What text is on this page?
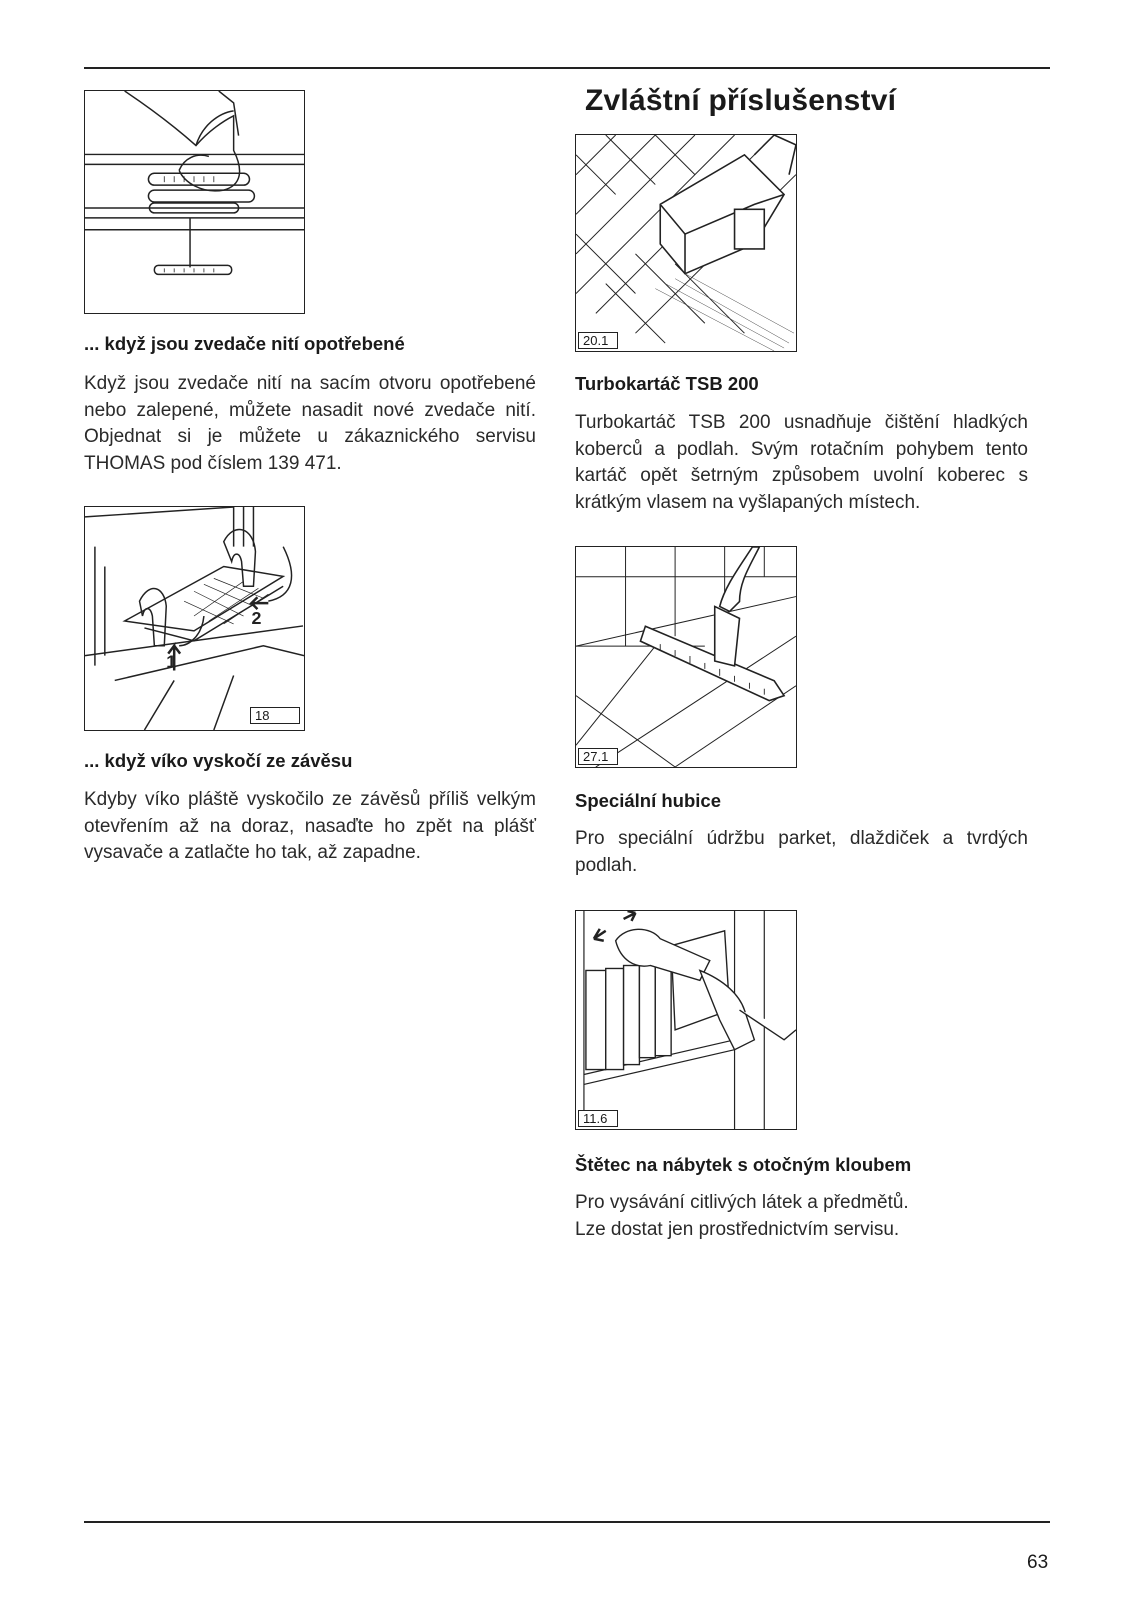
... když jsou zvedače nití opotřebené
Když jsou zvedače nití na sacím otvoru opotřebené nebo zalepené, můžete nasadit nové zvedače nití. Objednat si je můžete u zákaznického servisu THOMAS pod číslem 139 471.
1
2
18
... když víko vyskočí ze závěsu
Kdyby víko pláště vyskočilo ze závěsů příliš velkým otevřením až na doraz, nasaďte ho zpět na plášť vysavače a zatlačte ho tak, až zapadne.
Zvláštní příslušenství
20.1
Turbokartáč TSB 200
Turbokartáč TSB 200 usnadňuje čištění hladkých koberců a podlah. Svým rotačním pohybem tento kartáč opět šetrným způsobem uvolní koberec s krátkým vlasem na vyšlapaných místech.
27.1
Speciální hubice
Pro speciální údržbu parket, dlaždiček a tvrdých podlah.
11.6
Štětec na nábytek s otočným kloubem
Pro vysávání citlivých látek a předmětů.
Lze dostat jen prostřednictvím servisu.
63
